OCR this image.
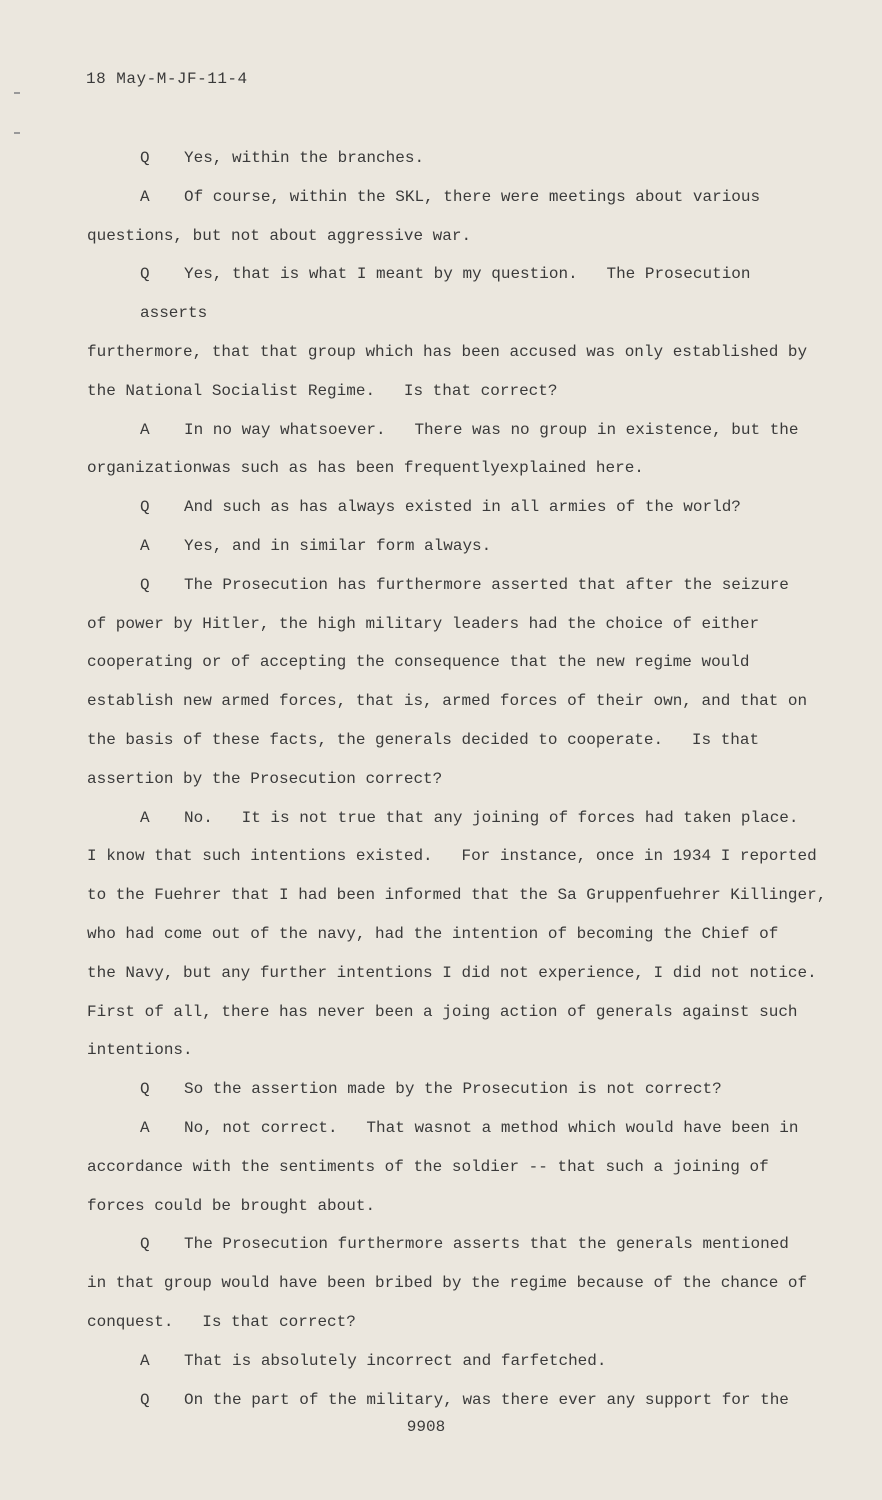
18 May-M-JF-11-4
Q Yes, within the branches.
A Of course, within the SKL, there were meetings about various
questions, but not about aggressive war.
Q Yes, that is what I meant by my question.   The Prosecution asserts
furthermore, that that group which has been accused was only established by
the National Socialist Regime.   Is that correct?
A In no way whatsoever.   There was no group in existence, but the
organizationwas such as has been frequentlyexplained here.
Q And such as has always existed in all armies of the world?
A Yes, and in similar form always.
Q The Prosecution has furthermore asserted that after the seizure
of power by Hitler, the high military leaders had the choice of either
cooperating or of accepting the consequence that the new regime would
establish new armed forces, that is, armed forces of their own, and that on
the basis of these facts, the generals decided to cooperate.   Is that
assertion by the Prosecution correct?
A No.   It is not true that any joining of forces had taken place.
I know that such intentions existed.   For instance, once in 1934 I reported
to the Fuehrer that I had been informed that the Sa Gruppenfuehrer Killinger,
who had come out of the navy, had the intention of becoming the Chief of
the Navy, but any further intentions I did not experience, I did not notice.
First of all, there has never been a joing action of generals against such
intentions.
Q So the assertion made by the Prosecution is not correct?
A No, not correct.   That wasnot a method which would have been in
accordance with the sentiments of the soldier -- that such a joining of
forces could be brought about.
Q The Prosecution furthermore asserts that the generals mentioned
in that group would have been bribed by the regime because of the chance of
conquest.   Is that correct?
A That is absolutely incorrect and farfetched.
Q On the part of the military, was there ever any support for the
9908
